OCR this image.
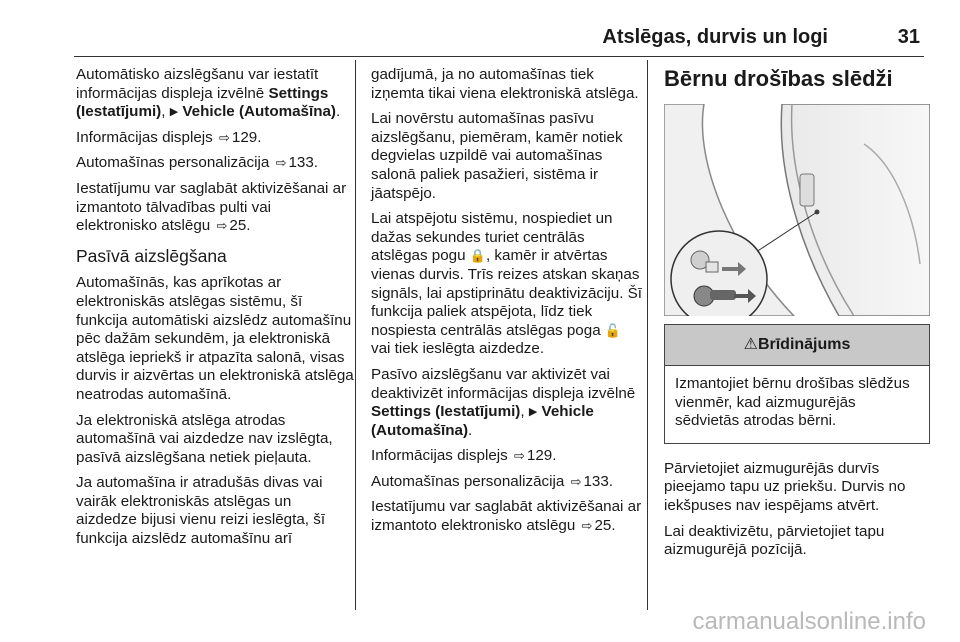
Atslēgas, durvis un logi	31

Automātisko aizslēgšanu var iestatīt informācijas displeja izvēlnē Settings (Iestatījumi), ▶ Vehicle (Automašīna).

Informācijas displejs ⇨ 129.

Automašīnas personalizācija ⇨ 133.

Iestatījumu var saglabāt aktivizēšanai ar izmantoto tālvadības pulti vai elektronisko atslēgu ⇨ 25.

Pasīvā aizslēgšana

Automašīnās, kas aprīkotas ar elektroniskās atslēgas sistēmu, šī funkcija automātiski aizslēdz automašīnu pēc dažām sekundēm, ja elektroniskā atslēga iepriekš ir atpazīta salonā, visas durvis ir aizvērtas un elektroniskā atslēga neatrodas automašīnā.

Ja elektroniskā atslēga atrodas automašīnā vai aizdedze nav izslēgta, pasīvā aizslēgšana netiek pieļauta.

Ja automašīna ir atradušās divas vai vairāk elektroniskās atslēgas un aizdedze bijusi vienu reizi ieslēgta, šī funkcija aizslēdz automašīnu arī

gadījumā, ja no automašīnas tiek izņemta tikai viena elektroniskā atslēga.

Lai novērstu automašīnas pasīvu aizslēgšanu, piemēram, kamēr notiek degvielas uzpildē vai automašīnas salonā paliek pasažieri, sistēma ir jāatspējo.

Lai atspējotu sistēmu, nospiediet un dažas sekundes turiet centrālās atslēgas pogu 🔒, kamēr ir atvērtas vienas durvis. Trīs reizes atskan skaņas signāls, lai apstiprinātu deaktivizāciju. Šī funkcija paliek atspējota, līdz tiek nospiesta centrālās atslēgas poga 🔓 vai tiek ieslēgta aizdedze.

Pasīvo aizslēgšanu var aktivizēt vai deaktivizēt informācijas displeja izvēlnē Settings (Iestatījumi), ▶ Vehicle (Automašīna).

Informācijas displejs ⇨ 129.

Automašīnas personalizācija ⇨ 133.

Iestatījumu var saglabāt aktivizēšanai ar izmantoto elektronisko atslēgu ⇨ 25.

Bērnu drošības slēdži
⚠Brīdinājums
Izmantojiet bērnu drošības slēdžus vienmēr, kad aizmugurējās sēdvietās atrodas bērni.

Pārvietojiet aizmugurējās durvīs pieejamo tapu uz priekšu. Durvis no iekšpuses nav iespējams atvērt.

Lai deaktivizētu, pārvietojiet tapu aizmugurējā pozīcijā.

carmanualsonline.info
